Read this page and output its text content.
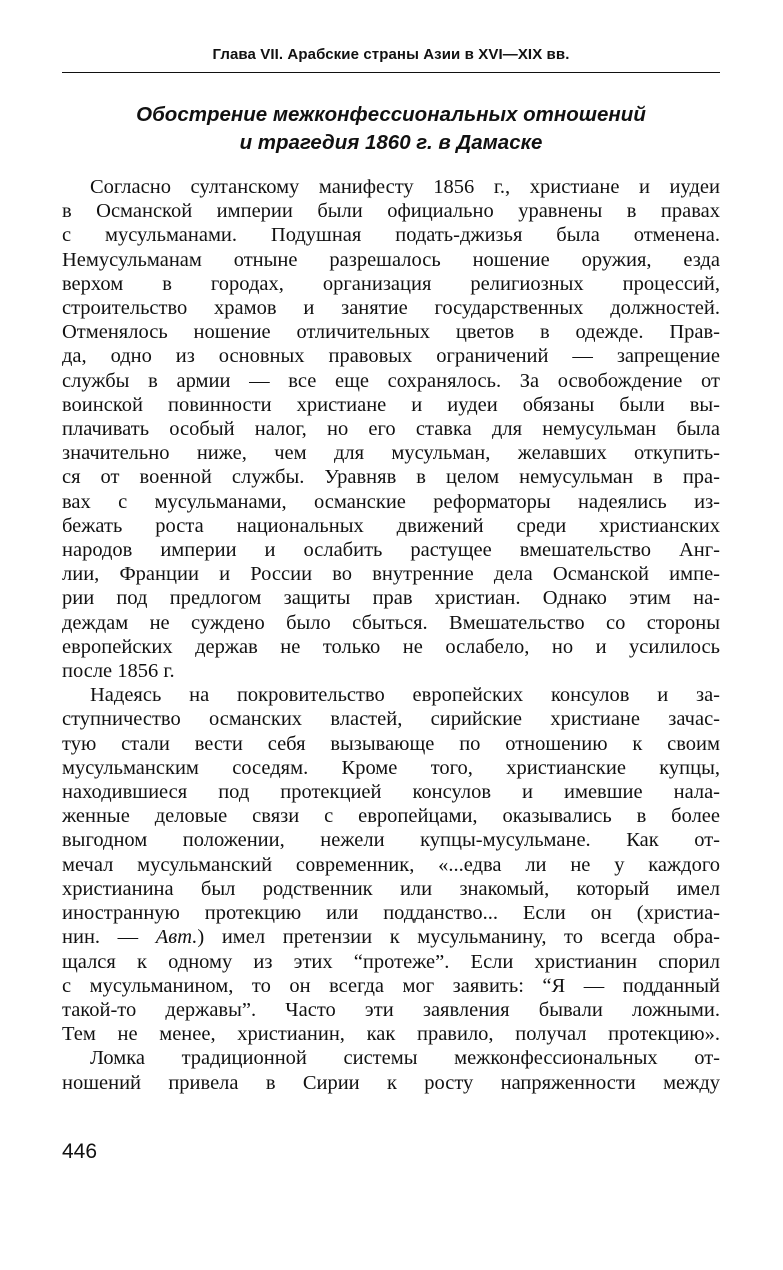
Глава VII. Арабские страны Азии в XVI—XIX вв.
Обострение межконфессиональных отношений
и трагедия 1860 г. в Дамаске
Согласно султанскому манифесту 1856 г., христиане и иудеи
в Османской империи были официально уравнены в правах
с мусульманами. Подушная подать-джизья была отменена.
Немусульманам отныне разрешалось ношение оружия, езда
верхом в городах, организация религиозных процессий,
строительство храмов и занятие государственных должностей.
Отменялось ношение отличительных цветов в одежде. Прав-
да, одно из основных правовых ограничений — запрещение
службы в армии — все еще сохранялось. За освобождение от
воинской повинности христиане и иудеи обязаны были вы-
плачивать особый налог, но его ставка для немусульман была
значительно ниже, чем для мусульман, желавших откупить-
ся от военной службы. Уравняв в целом немусульман в пра-
вах с мусульманами, османские реформаторы надеялись из-
бежать роста национальных движений среди христианских
народов империи и ослабить растущее вмешательство Анг-
лии, Франции и России во внутренние дела Османской импе-
рии под предлогом защиты прав христиан. Однако этим на-
деждам не суждено было сбыться. Вмешательство со стороны
европейских держав не только не ослабело, но и усилилось
после 1856 г.
Надеясь на покровительство европейских консулов и за-
ступничество османских властей, сирийские христиане зачас-
тую стали вести себя вызывающе по отношению к своим
мусульманским соседям. Кроме того, христианские купцы,
находившиеся под протекцией консулов и имевшие нала-
женные деловые связи с европейцами, оказывались в более
выгодном положении, нежели купцы-мусульмане. Как от-
мечал мусульманский современник, «...едва ли не у каждого
христианина был родственник или знакомый, который имел
иностранную протекцию или подданство... Если он (христиа-
нин. — Авт.) имел претензии к мусульманину, то всегда обра-
щался к одному из этих “протеже”. Если христианин спорил
с мусульманином, то он всегда мог заявить: “Я — подданный
такой-то державы”. Часто эти заявления бывали ложными.
Тем не менее, христианин, как правило, получал протекцию».
Ломка традиционной системы межконфессиональных от-
ношений привела в Сирии к росту напряженности между
446
